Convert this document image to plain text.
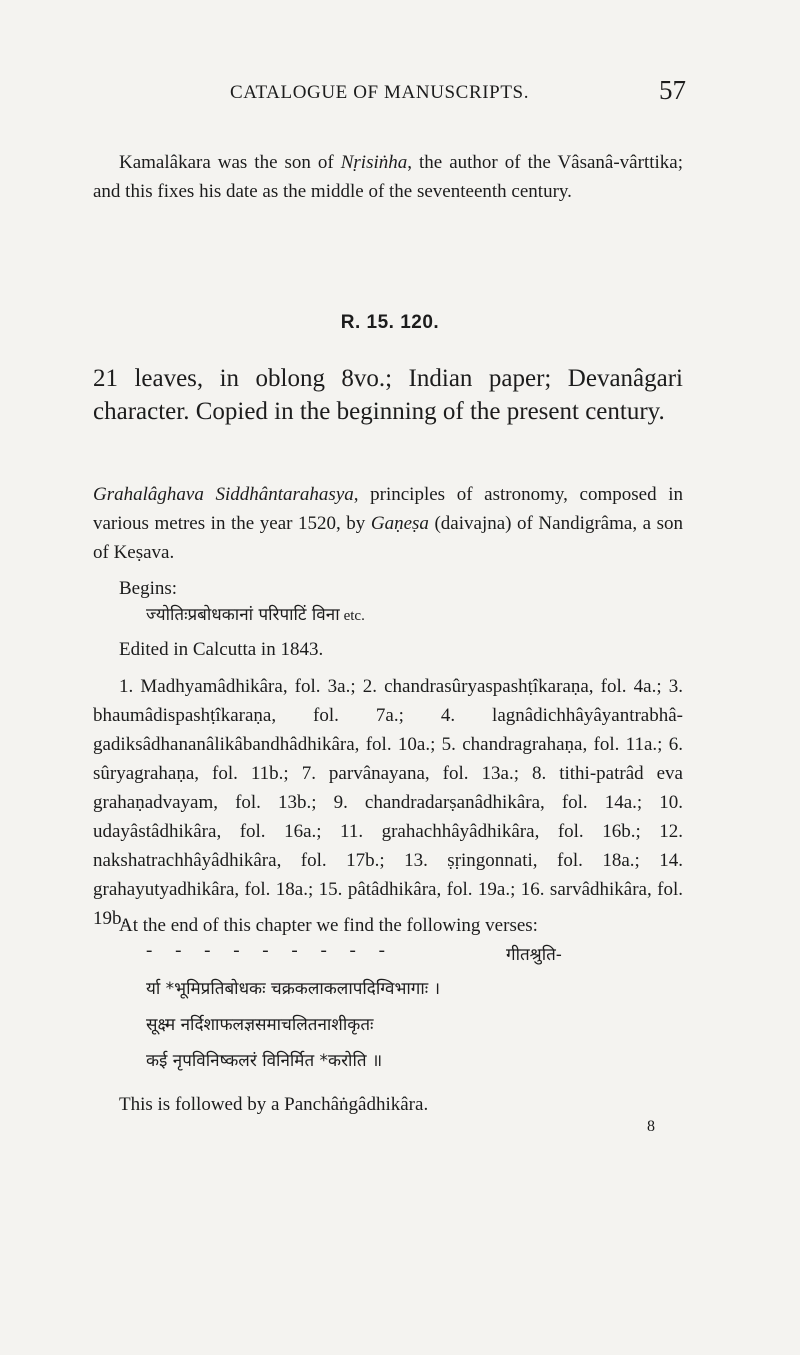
CATALOGUE OF MANUSCRIPTS.	57

Kamalâkara was the son of Nṛisiṅha, the author of the Vâsanâ-vârttika; and this fixes his date as the middle of the seventeenth century.

R. 15. 120.

21 leaves, in oblong 8vo.; Indian paper; Devanâgari character. Copied in the beginning of the present century.

Grahalâghava Siddhântarahasya, principles of astronomy, composed in various metres in the year 1520, by Gaṇeṣa (daivajna) of Nandigrâma, a son of Keṣava.

Begins:

ज्योतिःप्रबोधकानां परिपाटिं विना etc.

Edited in Calcutta in 1843.

1. Madhyamâdhikâra, fol. 3a.; 2. chandrasûryaspashṭîkaraṇa, fol. 4a.; 3. bhaumâdispashṭîkaraṇa, fol. 7a.; 4. lagnâdichhâyâyantrabhâ-gadiksâdhananâlikâbandhâdhikâra, fol. 10a.; 5. chandragrahaṇa, fol. 11a.; 6. sûryagrahaṇa, fol. 11b.; 7. parvânayana, fol. 13a.; 8. tithi-patrâd eva grahaṇadvayam, fol. 13b.; 9. chandradarṣanâdhikâra, fol. 14a.; 10. udayâstâdhikâra, fol. 16a.; 11. grahachhâyâdhikâra, fol. 16b.; 12. nakshatrachhâyâdhikâra, fol. 17b.; 13. ṣṛingonnati, fol. 18a.; 14. grahayutyadhikâra, fol. 18a.; 15. pâtâdhikâra, fol. 19a.; 16. sarvâdhikâra, fol. 19b.

At the end of this chapter we find the following verses:

- - - - - - - - -	गीतश्रुति-
र्या *भूमिप्रतिबोधकः चक्रकलाकलापदिग्विभागाः ।
सूक्ष्म नर्दिशाफलज्ञसमाचलितनाशीकृतः
कई नृपविनिष्कलरं विनिर्मित *करोति ॥

This is followed by a Panchâṅgâdhikâra.

8
